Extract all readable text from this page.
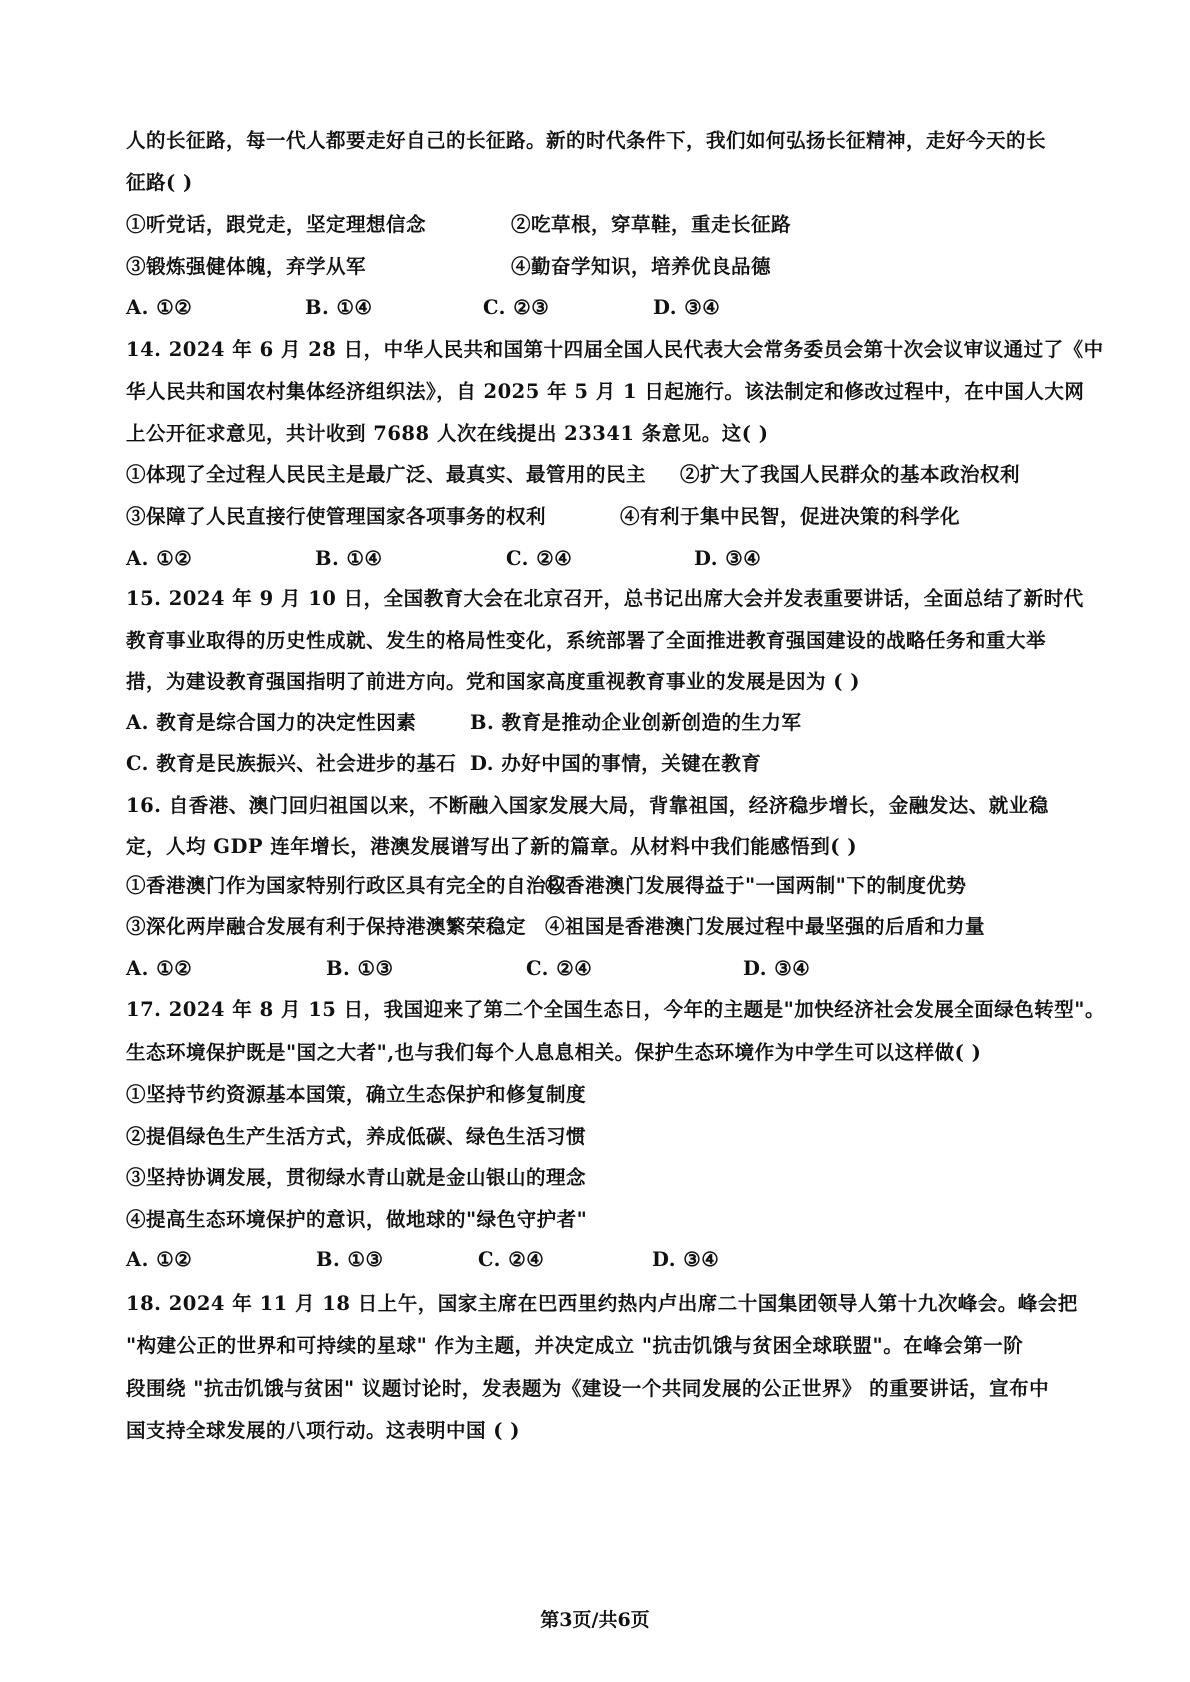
人的长征路，每一代人都要走好自己的长征路。新的时代条件下，我们如何弘扬长征精神，走好今天的长
征路( )
①听党话，跟党走，坚定理想信念	②吃草根，穿草鞋，重走长征路
③锻炼强健体魄，弃学从军	④勤奋学知识，培养优良品德
A. ①②	B. ①④	C. ②③	D. ③④
14. 2024 年 6 月 28 日，中华人民共和国第十四届全国人民代表大会常务委员会第十次会议审议通过了《中
华人民共和国农村集体经济组织法》，自 2025 年 5 月 1 日起施行。该法制定和修改过程中，在中国人大网
上公开征求意见，共计收到 7688 人次在线提出 23341 条意见。这( )
①体现了全过程人民民主是最广泛、最真实、最管用的民主 ②扩大了我国人民群众的基本政治权利
③保障了人民直接行使管理国家各项事务的权利	④有利于集中民智，促进决策的科学化
A. ①②	B. ①④	C. ②④	D. ③④
15. 2024 年 9 月 10 日，全国教育大会在北京召开，总书记出席大会并发表重要讲话，全面总结了新时代
教育事业取得的历史性成就、发生的格局性变化，系统部署了全面推进教育强国建设的战略任务和重大举
措，为建设教育强国指明了前进方向。党和国家高度重视教育事业的发展是因为 ( )
A. 教育是综合国力的决定性因素	B. 教育是推动企业创新创造的生力军
C. 教育是民族振兴、社会进步的基石 D. 办好中国的事情，关键在教育
16. 自香港、澳门回归祖国以来，不断融入国家发展大局，背靠祖国，经济稳步增长，金融发达、就业稳
定，人均 GDP 连年增长，港澳发展谱写出了新的篇章。从材料中我们能感悟到( )
①香港澳门作为国家特别行政区具有完全的自治权
②香港澳门发展得益于"一国两制"下的制度优势
③深化两岸融合发展有利于保持港澳繁荣稳定 ④祖国是香港澳门发展过程中最坚强的后盾和力量
A. ①②	B. ①③	C. ②④	D. ③④
17. 2024 年 8 月 15 日，我国迎来了第二个全国生态日，今年的主题是"加快经济社会发展全面绿色转型"。
生态环境保护既是"国之大者",也与我们每个人息息相关。保护生态环境作为中学生可以这样做( )
①坚持节约资源基本国策，确立生态保护和修复制度
②提倡绿色生产生活方式，养成低碳、绿色生活习惯
③坚持协调发展，贯彻绿水青山就是金山银山的理念
④提高生态环境保护的意识，做地球的"绿色守护者"
A. ①②	B. ①③	C. ②④	D. ③④
18. 2024 年 11 月 18 日上午，国家主席在巴西里约热内卢出席二十国集团领导人第十九次峰会。峰会把
"构建公正的世界和可持续的星球" 作为主题，并决定成立 "抗击饥饿与贫困全球联盟"。在峰会第一阶
段围绕 "抗击饥饿与贫困" 议题讨论时，发表题为《建设一个共同发展的公正世界》 的重要讲话，宣布中
国支持全球发展的八项行动。这表明中国 ( )
第3页/共6页
